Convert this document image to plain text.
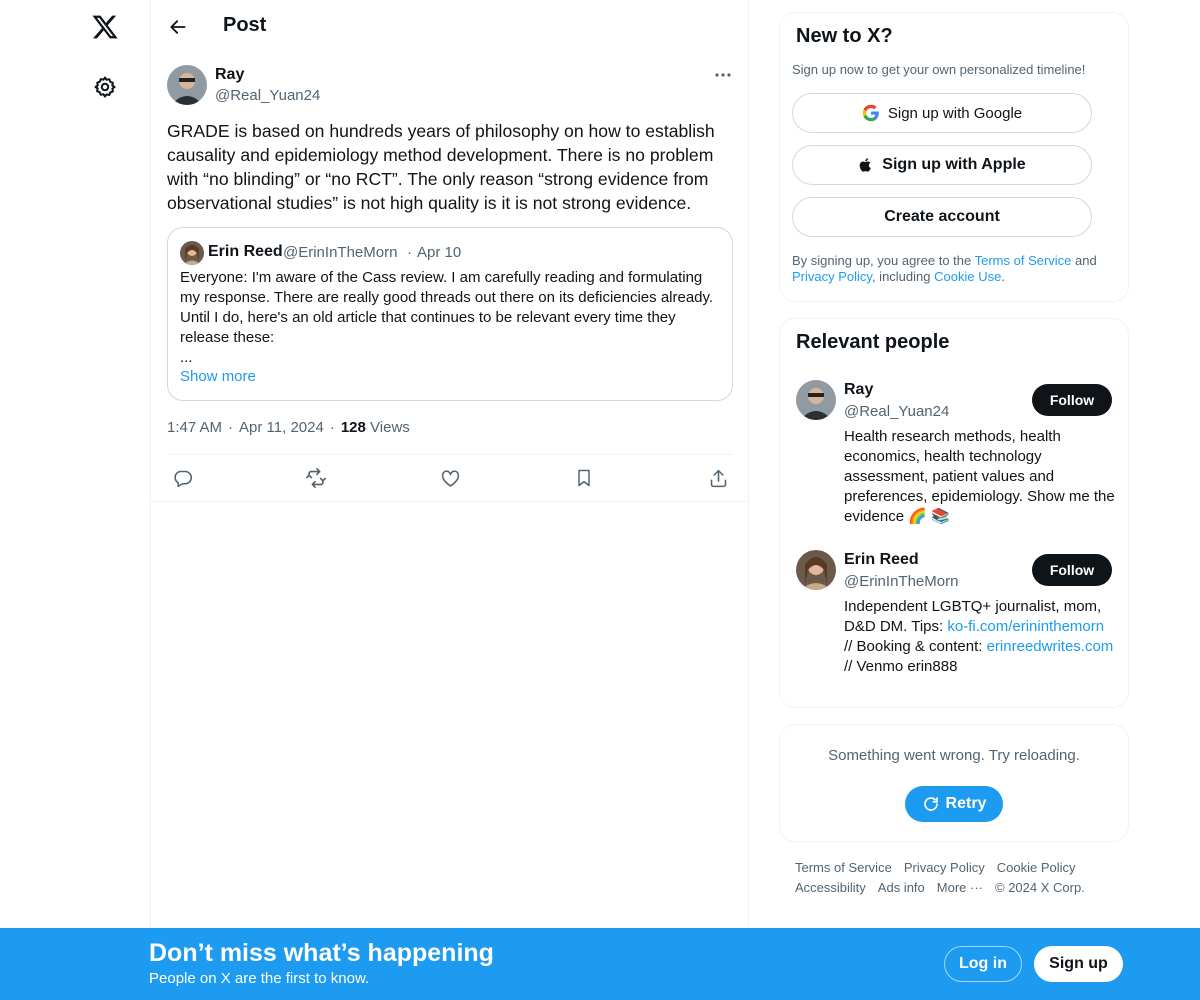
Post
Ray
@Real_Yuan24
GRADE is based on hundreds years of philosophy on how to establish causality and epidemiology method development. There is no problem with “no blinding” or “no RCT”. The only reason “strong evidence from observational studies” is not high quality is it is not strong evidence.
Erin Reed @ErinInTheMorn · Apr 10
Everyone: I'm aware of the Cass review. I am carefully reading and formulating my response. There are really good threads out there on its deficiencies already. Until I do, here's an old article that continues to be relevant every time they release these:
...
Show more
1:47 AM · Apr 11, 2024 · 128 Views
New to X?
Sign up now to get your own personalized timeline!
Sign up with Google
Sign up with Apple
Create account
By signing up, you agree to the Terms of Service and Privacy Policy, including Cookie Use.
Relevant people
Ray
@Real_Yuan24
Follow
Health research methods, health economics, health technology assessment, patient values and preferences, epidemiology. Show me the evidence 🌈 📚
Erin Reed
@ErinInTheMorn
Follow
Independent LGBTQ+ journalist, mom, D&D DM. Tips: ko-fi.com/erininthemorn // Booking & content: erinreedwrites.com // Venmo erin888
Something went wrong. Try reloading.
Retry
Terms of Service Privacy Policy Cookie Policy
Accessibility Ads info More ··· © 2024 X Corp.
Don’t miss what’s happening
People on X are the first to know.
Log in	Sign up
